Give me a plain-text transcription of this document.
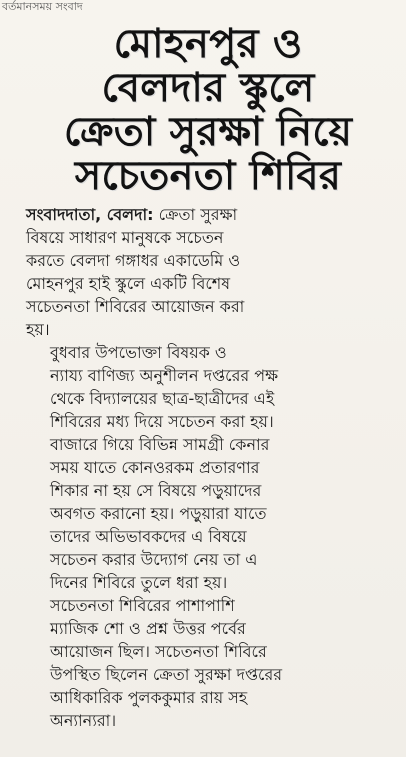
বর্তমানসময় সংবাদ
মোহনপুর ও
বেলদার স্কুলে
ক্রেতা সুরক্ষা নিয়ে
সচেতনতা শিবির
সংবাদদাতা, বেলদা: ক্রেতা সুরক্ষা
বিষয়ে সাধারণ মানুষকে সচেতন
করতে বেলদা গঙ্গাধর একাডেমি ও
মোহনপুর হাই স্কুলে একটি বিশেষ
সচেতনতা শিবিরের আয়োজন করা
হয়।
বুধবার উপভোক্তা বিষয়ক ও
ন্যায্য বাণিজ্য অনুশীলন দপ্তরের পক্ষ
থেকে বিদ্যালয়ের ছাত্র-ছাত্রীদের এই
শিবিরের মধ্য দিয়ে সচেতন করা হয়।
বাজারে গিয়ে বিভিন্ন সামগ্রী কেনার
সময় যাতে কোনওরকম প্রতারণার
শিকার না হয় সে বিষয়ে পড়ুয়াদের
অবগত করানো হয়। পড়ুয়ারা যাতে
তাদের অভিভাবকদের এ বিষয়ে
সচেতন করার উদ্যোগ নেয় তা এ
দিনের শিবিরে তুলে ধরা হয়।
সচেতনতা শিবিরের পাশাপাশি
ম্যাজিক শো ও প্রশ্ন উত্তর পর্বের
আয়োজন ছিল। সচেতনতা শিবিরে
উপস্থিত ছিলেন ক্রেতা সুরক্ষা দপ্তরের
আধিকারিক পুলককুমার রায় সহ
অন্যান্যরা।
